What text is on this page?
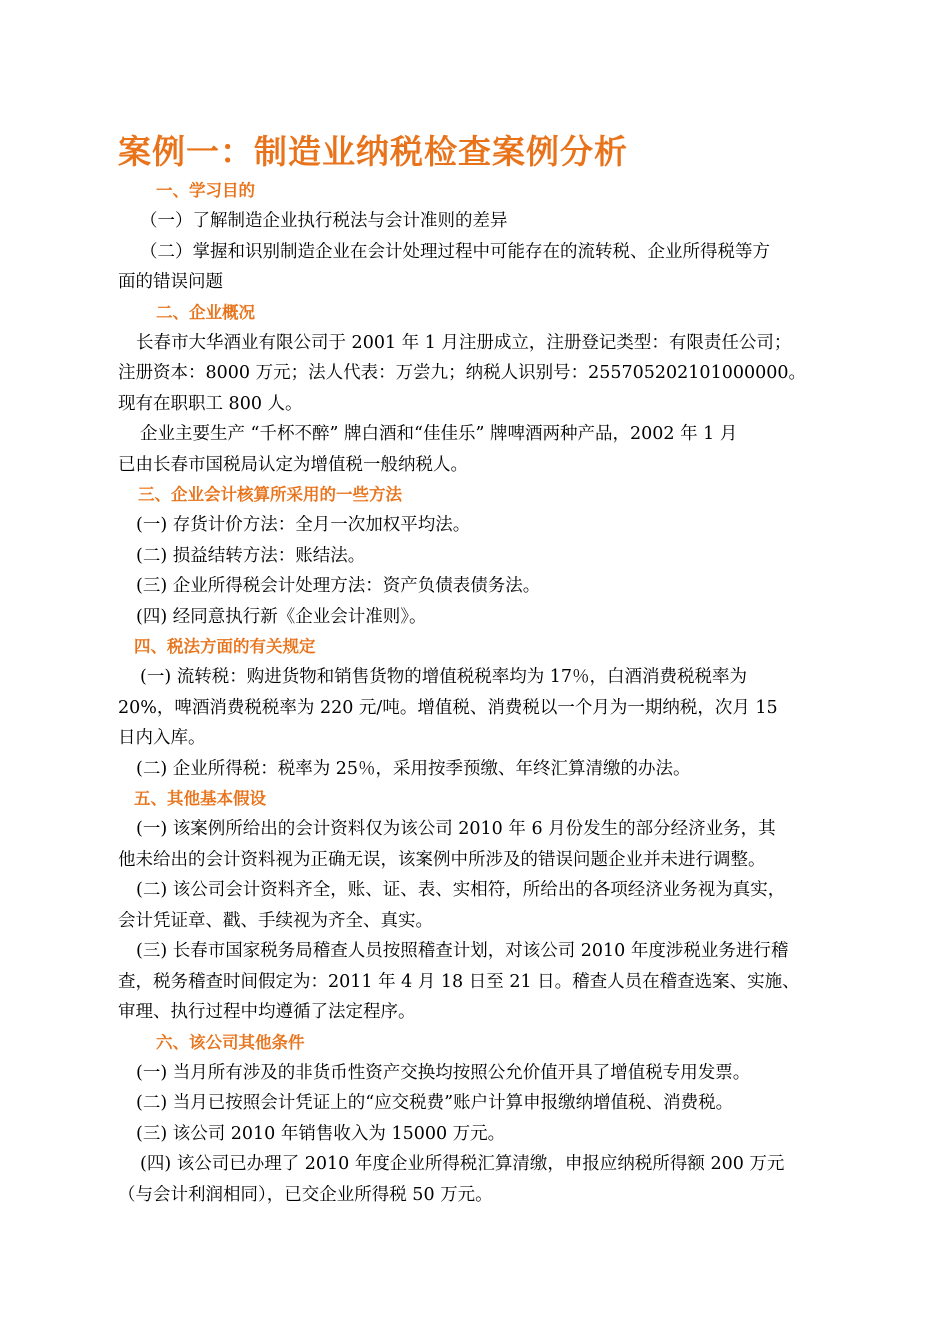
案例一：制造业纳税检查案例分析
一、学习目的
（一）了解制造企业执行税法与会计准则的差异
（二）掌握和识别制造企业在会计处理过程中可能存在的流转税、企业所得税等方
面的错误问题
二、企业概况
长春市大华酒业有限公司于 2001 年 1 月注册成立，注册登记类型：有限责任公司；
注册资本：8000 万元；法人代表：万尝九；纳税人识别号：255705202101000000。
现有在职职工 800 人。
企业主要生产 “千杯不醉” 牌白酒和“佳佳乐” 牌啤酒两种产品，2002 年 1 月
已由长春市国税局认定为增值税一般纳税人。
三、企业会计核算所采用的一些方法
(一) 存货计价方法：全月一次加权平均法。
(二) 损益结转方法：账结法。
(三) 企业所得税会计处理方法：资产负债表债务法。
(四) 经同意执行新《企业会计准则》。
四、税法方面的有关规定
(一) 流转税：购进货物和销售货物的增值税税率均为 17％，白酒消费税税率为
20%，啤酒消费税税率为 220 元/吨。增值税、消费税以一个月为一期纳税，次月 15
日内入库。
(二) 企业所得税：税率为 25％，采用按季预缴、年终汇算清缴的办法。
五、其他基本假设
(一) 该案例所给出的会计资料仅为该公司 2010 年 6 月份发生的部分经济业务，其
他未给出的会计资料视为正确无误，该案例中所涉及的错误问题企业并未进行调整。
(二) 该公司会计资料齐全，账、证、表、实相符，所给出的各项经济业务视为真实，
会计凭证章、戳、手续视为齐全、真实。
(三) 长春市国家税务局稽查人员按照稽查计划，对该公司 2010 年度涉税业务进行稽
查，税务稽查时间假定为：2011 年 4 月 18 日至 21 日。稽查人员在稽查选案、实施、
审理、执行过程中均遵循了法定程序。
六、该公司其他条件
(一) 当月所有涉及的非货币性资产交换均按照公允价值开具了增值税专用发票。
(二) 当月已按照会计凭证上的“应交税费”账户计算申报缴纳增值税、消费税。
(三) 该公司 2010 年销售收入为 15000 万元。
(四) 该公司已办理了 2010 年度企业所得税汇算清缴，申报应纳税所得额 200 万元
（与会计利润相同），已交企业所得税 50 万元。
